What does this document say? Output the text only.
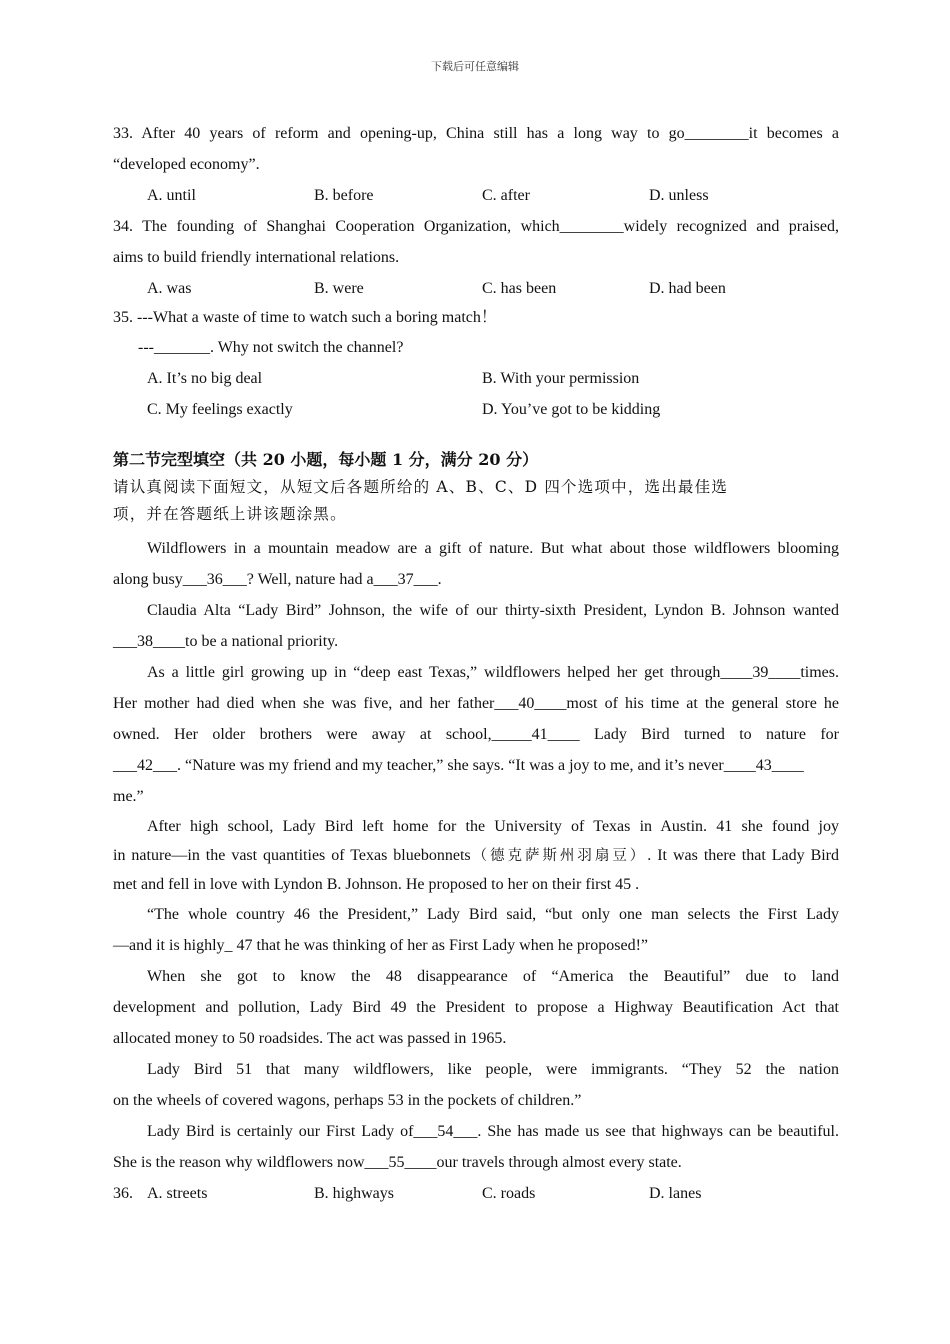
下载后可任意编辑
33. After 40 years of reform and opening-up, China still has a long way to go________it becomes a
“developed economy”.
A. until	B. before	C. after	D. unless
34. The founding of Shanghai Cooperation Organization, which________widely recognized and praised,
aims to build friendly international relations.
A. was	B. were	C. has been	D. had been
35. ---What a waste of time to watch such a boring match！
---_______. Why not switch the channel?
A. It’s no big deal	B. With your permission
C. My feelings exactly	D. You’ve got to be kidding
第二节完型填空（共 20 小题，每小题 1 分，满分 20 分）
请认真阅读下面短文，从短文后各题所给的 A、B、C、D 四个选项中，选出最佳选
项，并在答题纸上讲该题涂黑。
Wildflowers in a mountain meadow are a gift of nature. But what about those wildflowers blooming
along busy___36___? Well, nature had a___37___.
Claudia Alta “Lady Bird” Johnson, the wife of our thirty-sixth President, Lyndon B. Johnson wanted
___38____to be a national priority.
As a little girl growing up in “deep east Texas,” wildflowers helped her get through____39____times.
Her mother had died when she was five, and her father___40____most of his time at the general store he
owned. Her older brothers were away at school,_____41____ Lady Bird turned to nature for
___42___. “Nature was my friend and my teacher,” she says. “It was a joy to me, and it’s never____43____
me.”
After high school, Lady Bird left home for the University of Texas in Austin. 41 she found joy
in nature—in the vast quantities of Texas bluebonnets（德克萨斯州羽扇豆）. It was there that Lady Bird
met and fell in love with Lyndon B. Johnson. He proposed to her on their first 45 .
“The whole country 46 the President,” Lady Bird said, “but only one man selects the First Lady
—and it is highly_ 47 that he was thinking of her as First Lady when he proposed!”
When she got to know the 48 disappearance of “America the Beautiful” due to land
development and pollution, Lady Bird 49 the President to propose a Highway Beautification Act that
allocated money to 50 roadsides. The act was passed in 1965.
Lady Bird 51 that many wildflowers, like people, were immigrants. “They 52 the nation
on the wheels of covered wagons, perhaps 53 in the pockets of children.”
Lady Bird is certainly our First Lady of___54___. She has made us see that highways can be beautiful.
She is the reason why wildflowers now___55____our travels through almost every state.
36. A. streets	B. highways	C. roads	D. lanes
